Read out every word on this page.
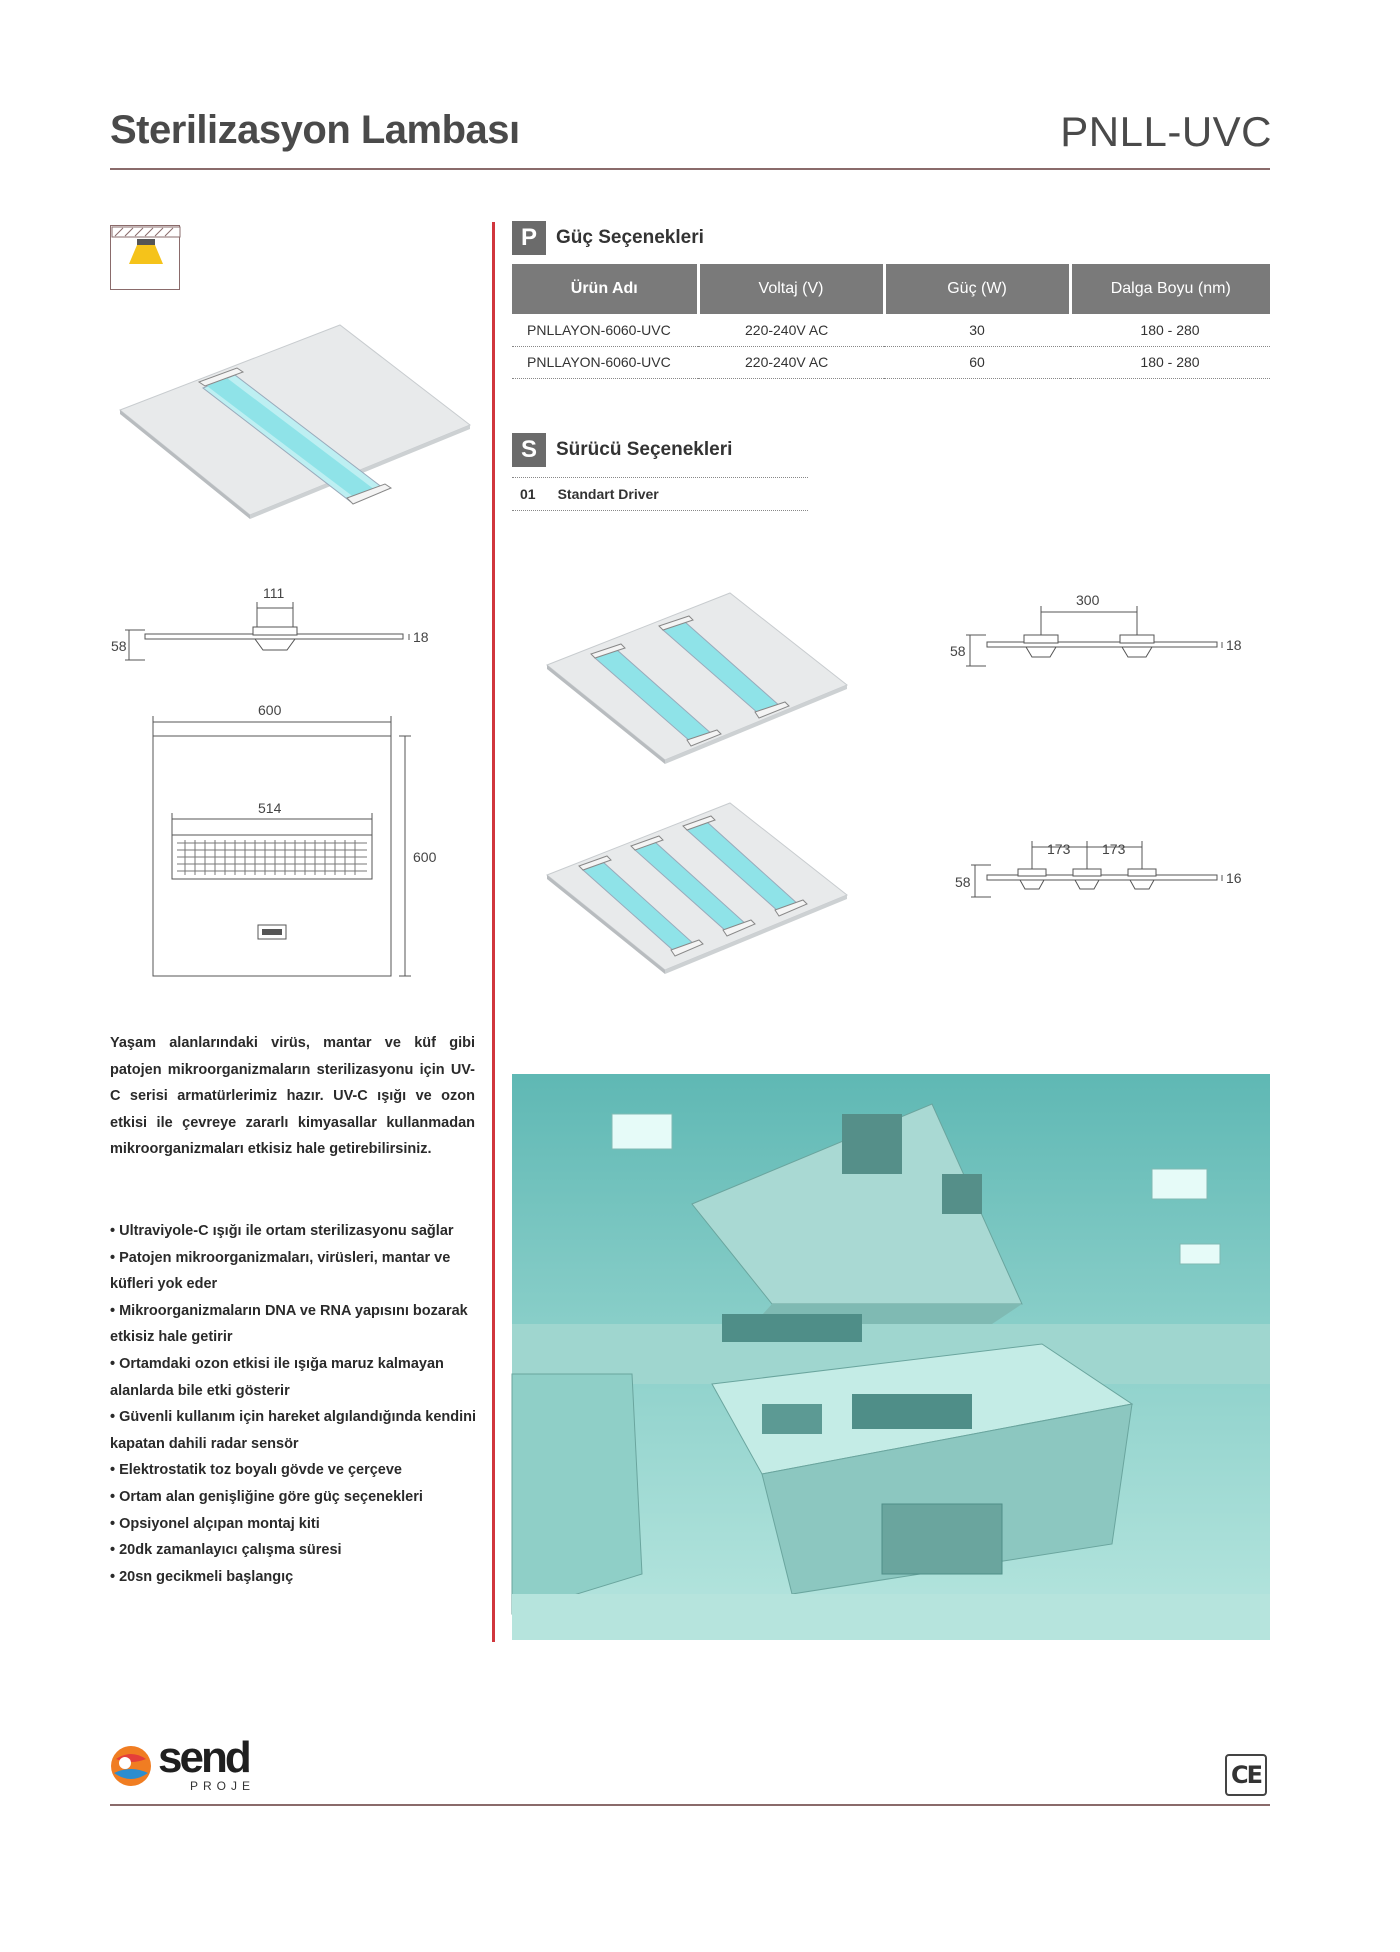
Sterilizasyon Lambası	PNLL-UVC
111
58
18
600
600
514

Yaşam alanlarındaki virüs, mantar ve küf gibi patojen mikroorganizmaların sterilizasyonu için UV-C serisi armatürlerimiz hazır. UV-C ışığı ve ozon etkisi ile çevreye zararlı kimyasallar kullanmadan mikroorganizmaları etkisiz hale getirebilirsiniz.

• Ultraviyole-C ışığı ile ortam sterilizasyonu sağlar
• Patojen mikroorganizmaları, virüsleri, mantar ve küfleri yok eder
• Mikroorganizmaların DNA ve RNA yapısını bozarak etkisiz hale getirir
• Ortamdaki ozon etkisi ile ışığa maruz kalmayan alanlarda bile etki gösterir
• Güvenli kullanım için hareket algılandığında kendini kapatan dahili radar sensör
• Elektrostatik toz boyalı gövde ve çerçeve
• Ortam alan genişliğine göre güç seçenekleri
• Opsiyonel alçıpan montaj kiti
• 20dk zamanlayıcı çalışma süresi
• 20sn gecikmeli başlangıç
P	Güç Seçenekleri
Ürün Adı	Voltaj (V)	Güç (W)	Dalga Boyu (nm)
PNLLAYON-6060-UVC	220-240V AC	30	180 - 280
PNLLAYON-6060-UVC	220-240V AC	60	180 - 280
S	Sürücü Seçenekleri
01 Standart Driver
300
58	18
173 173
58	16
send
PROJE	CE
